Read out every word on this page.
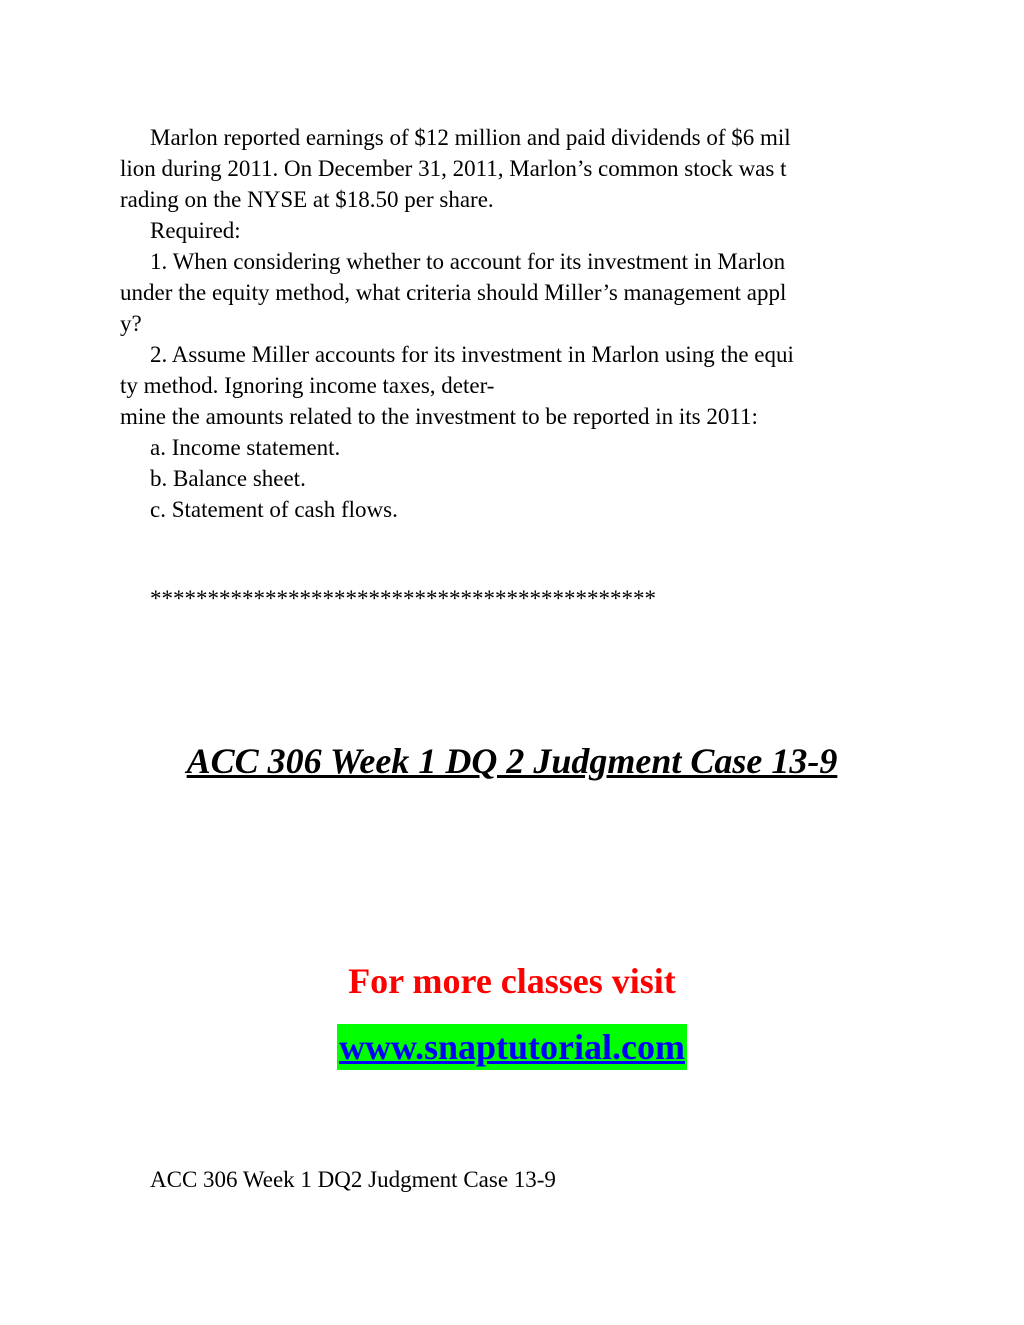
Marlon reported earnings of $12 million and paid dividends of $6 mil
lion during 2011. On December 31, 2011, Marlon’s common stock was t
rading on the NYSE at $18.50 per share.
Required:
1. When considering whether to account for its investment in Marlon
under the equity method, what criteria should Miller’s management appl
y?
2. Assume Miller accounts for its investment in Marlon using the equi
ty method. Ignoring income taxes, deter-
mine the amounts related to the investment to be reported in its 2011:
a. Income statement.
b. Balance sheet.
c. Statement of cash flows.
********************************************
ACC 306 Week 1 DQ 2 Judgment Case 13-9
For more classes visit
www.snaptutorial.com
ACC 306 Week 1 DQ2 Judgment Case 13-9
